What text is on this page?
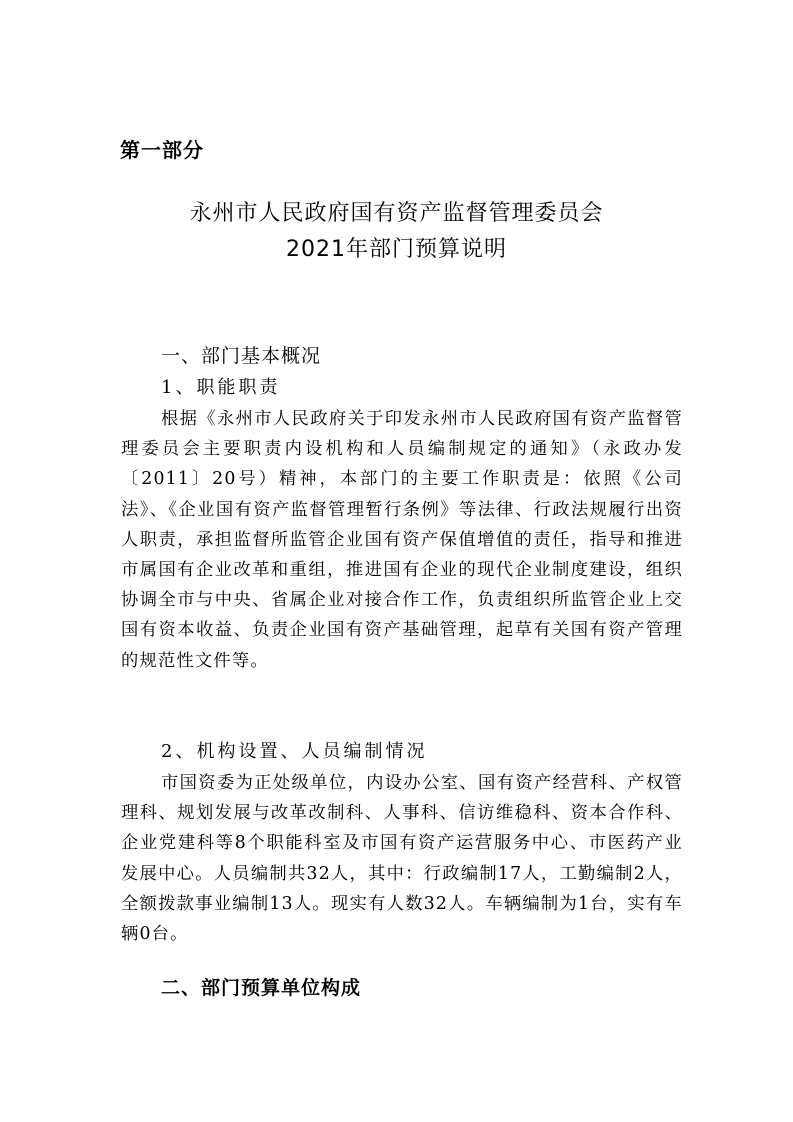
第一部分
永州市人民政府国有资产监督管理委员会
2021年部门预算说明
一、部门基本概况
1、职能职责
根据《永州市人民政府关于印发永州市人民政府国有资产监督管理委员会主要职责内设机构和人员编制规定的通知》（永政办发〔2011〕20号）精神，本部门的主要工作职责是：依照《公司法》、《企业国有资产监督管理暂行条例》等法律、行政法规履行出资人职责，承担监督所监管企业国有资产保值增值的责任，指导和推进市属国有企业改革和重组，推进国有企业的现代企业制度建设，组织协调全市与中央、省属企业对接合作工作，负责组织所监管企业上交国有资本收益、负责企业国有资产基础管理，起草有关国有资产管理的规范性文件等。
2、机构设置、人员编制情况
市国资委为正处级单位，内设办公室、国有资产经营科、产权管理科、规划发展与改革改制科、人事科、信访维稳科、资本合作科、企业党建科等8个职能科室及市国有资产运营服务中心、市医药产业发展中心。人员编制共32人，其中：行政编制17人，工勤编制2人，全额拨款事业编制13人。现实有人数32人。车辆编制为1台，实有车辆0台。
二、部门预算单位构成
